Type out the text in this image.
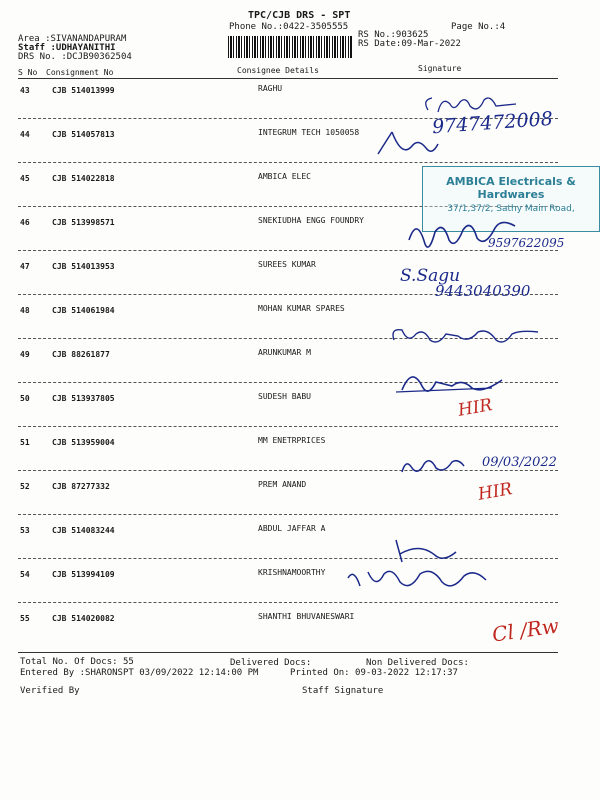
TPC/CJB DRS - SPT
Phone No.:0422-3505555	Page No.:4
Area :SIVANANDAPURAM
Staff :UDHAYANITHI
DRS No. :DCJB90362504
RS No.:903625
RS Date:09-Mar-2022
S No Consignment No	Consignee Details	Signature
43	CJB 514013999	RAGHU
44	CJB 514057813	INTEGRUM TECH 1050058
45	CJB 514022818	AMBICA ELEC
46	CJB 513998571	SNEKIUDHA ENGG FOUNDRY
47	CJB 514013953	SUREES KUMAR
48	CJB 514061984	MOHAN KUMAR SPARES
49	CJB 88261877	ARUNKUMAR M
50	CJB 513937805	SUDESH BABU
51	CJB 513959004	MM ENETRPRICES
52	CJB 87277332	PREM ANAND
53	CJB 514083244	ABDUL JAFFAR A
54	CJB 513994109	KRISHNAMOORTHY
55	CJB 514020082	SHANTHI BHUVANESWARI
AMBICA Electricals & Hardwares
37/1,37/2, Sathy Main Road,
9747472008
9597622095
S.Sagu
9443040390
HIR
09/03/2022
HIR
Cl /Rw
Total No. Of Docs: 55	Delivered Docs:	Non Delivered Docs:
Entered By :SHARONSPT 03/09/2022 12:14:00 PM	Printed On: 09-03-2022 12:17:37
Verified By	Staff Signature
